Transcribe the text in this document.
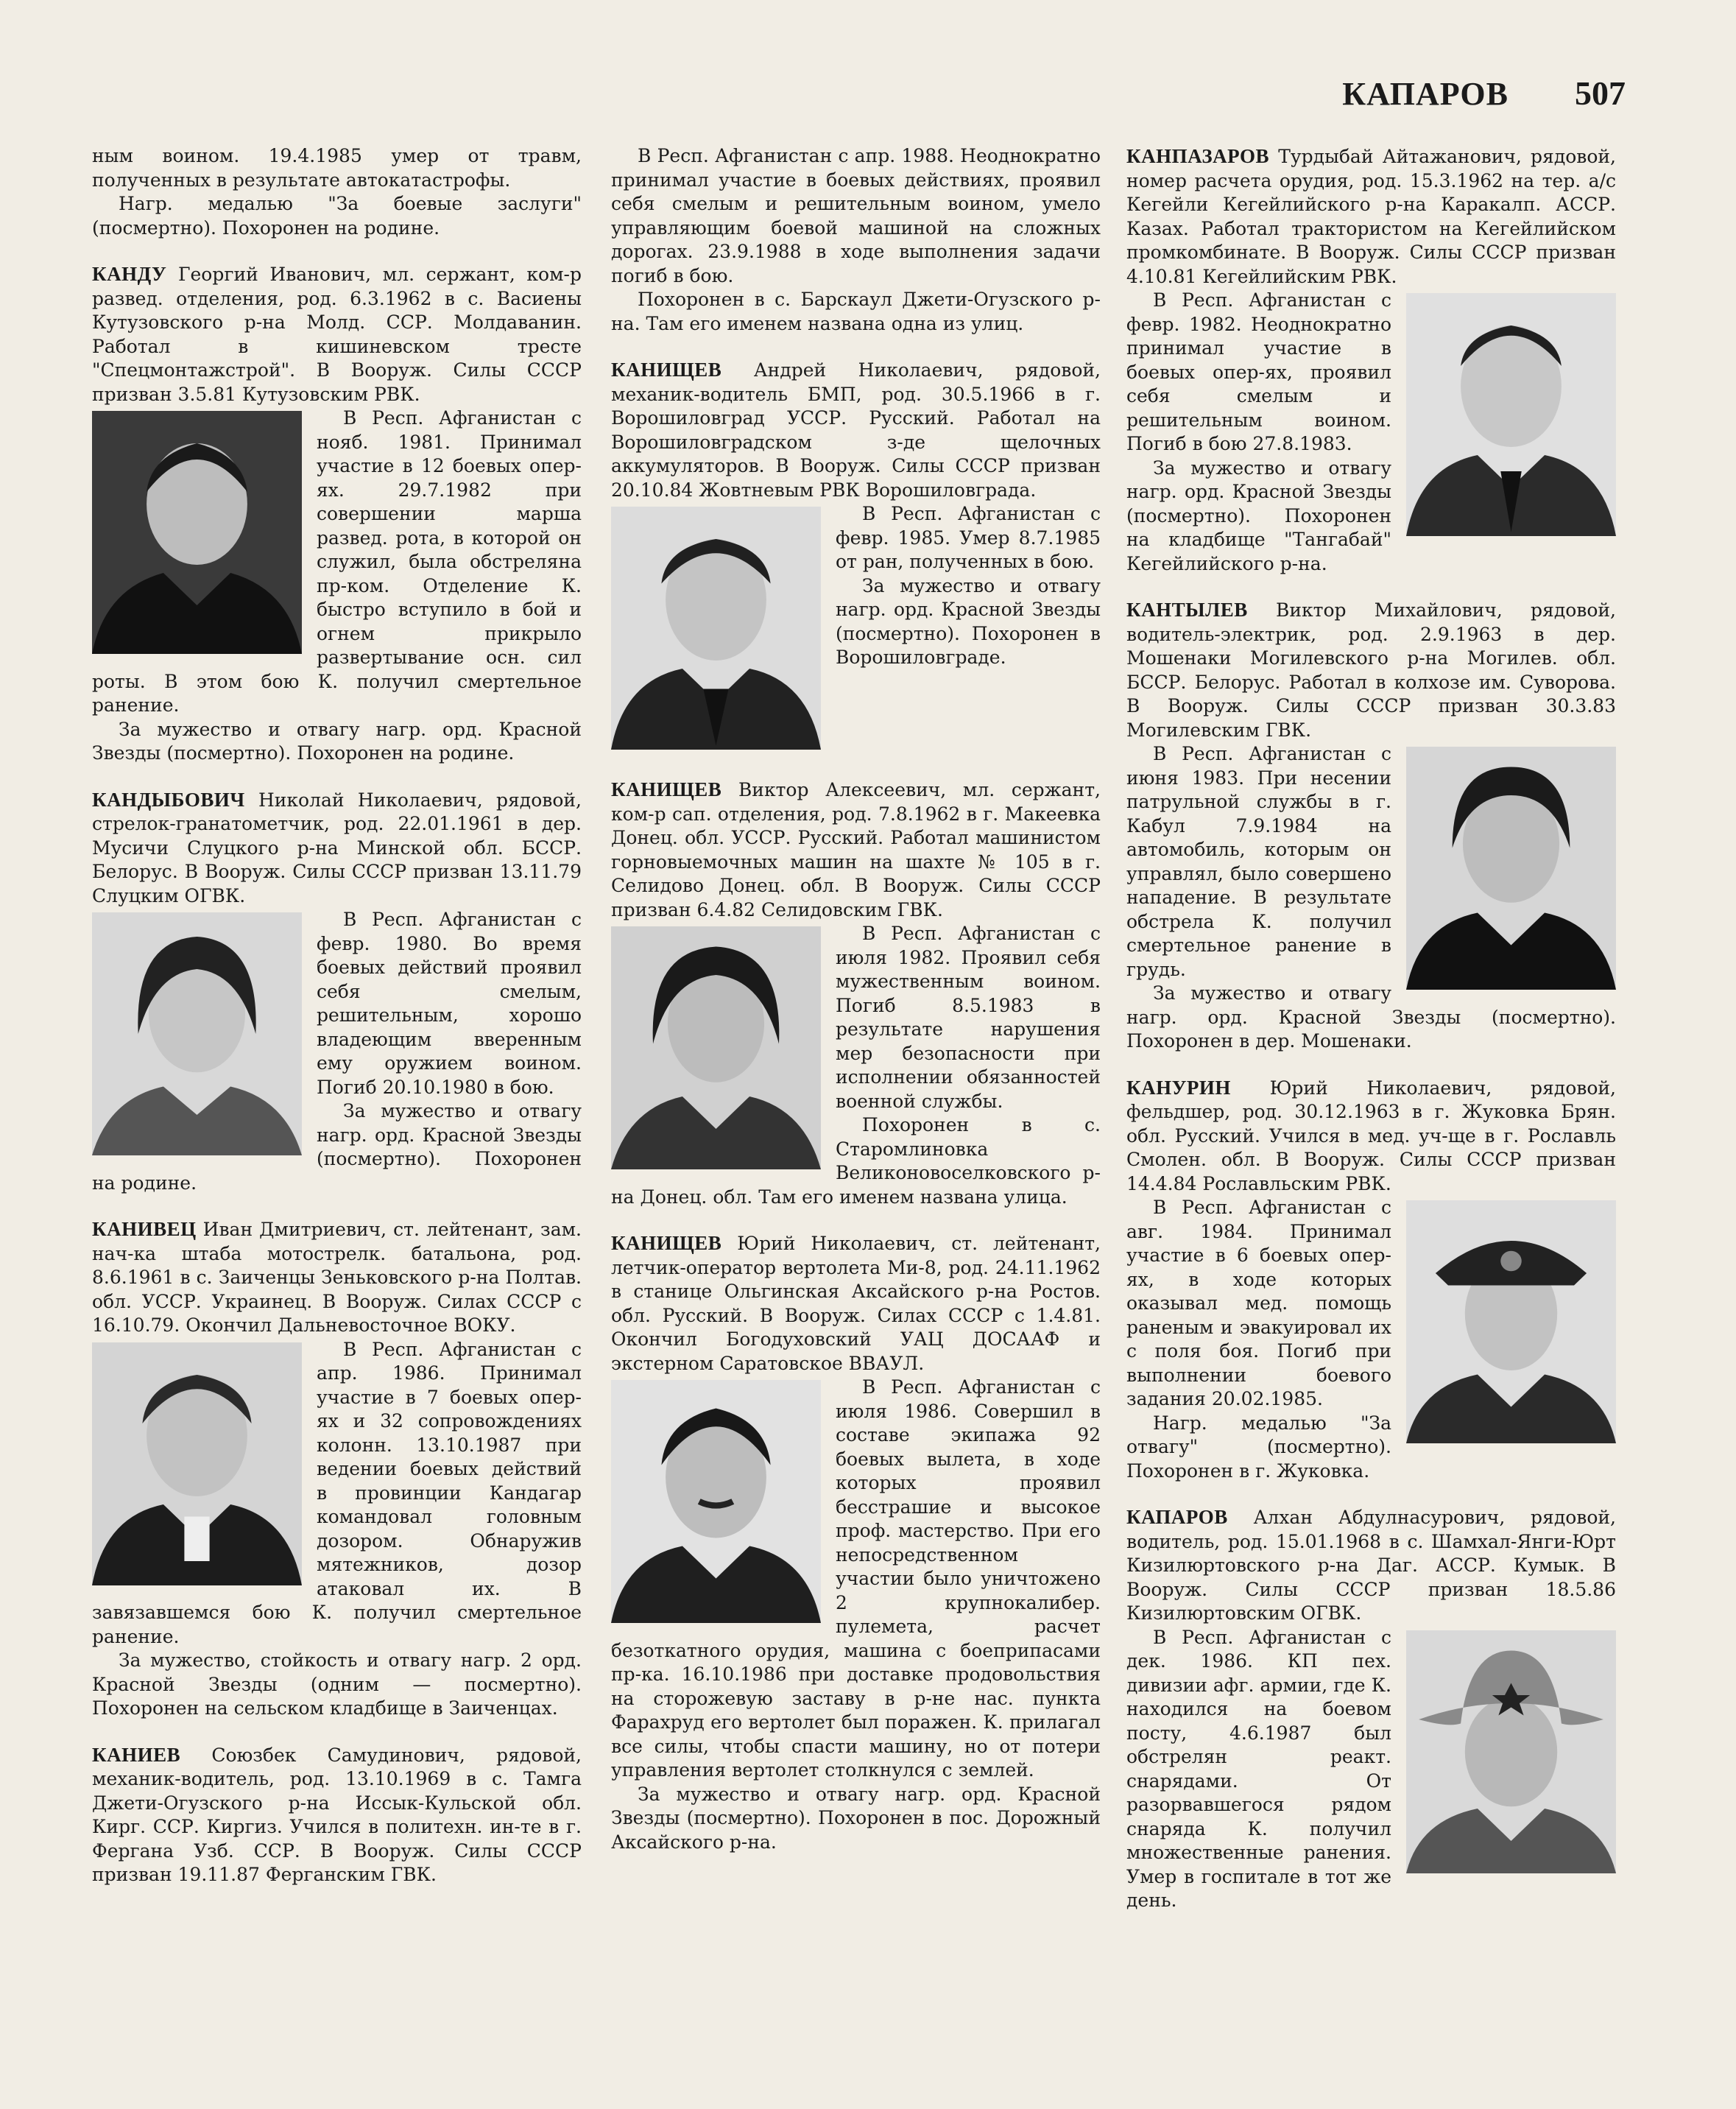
КАПАРОВ 507

ным воином. 19.4.1985 умер от травм, полученных в результате автокатастрофы.

Нагр. медалью "За боевые заслуги" (посмертно). Похоронен на родине.

КАНДУ Георгий Иванович, мл. сержант, ком-р развед. отделения, род. 6.3.1962 в с. Васиены Кутузовского р-на Молд. ССР. Молдаванин. Работал в кишиневском тресте "Спецмонтажстрой". В Вооруж. Силы СССР призван 3.5.81 Кутузовским РВК.

В Респ. Афганистан с нояб. 1981. Принимал участие в 12 боевых опер-ях. 29.7.1982 при совершении марша развед. рота, в которой он служил, была обстреляна пр-ком. Отделение К. быстро вступило в бой и огнем прикрыло развертывание осн. сил роты. В этом бою К. получил смертельное ранение.

За мужество и отвагу нагр. орд. Красной Звезды (посмертно). Похоронен на родине.

КАНДЫБОВИЧ Николай Николаевич, рядовой, стрелок-гранатометчик, род. 22.01.1961 в дер. Мусичи Слуцкого р-на Минской обл. БССР. Белорус. В Вооруж. Силы СССР призван 13.11.79 Слуцким ОГВК.

В Респ. Афганистан с февр. 1980. Во время боевых действий проявил себя смелым, решительным, хорошо владеющим вверенным ему оружием воином. Погиб 20.10.1980 в бою.

За мужество и отвагу нагр. орд. Красной Звезды (посмертно). Похоронен на родине.

КАНИВЕЦ Иван Дмитриевич, ст. лейтенант, зам. нач-ка штаба мотострелк. батальона, род. 8.6.1961 в с. Заиченцы Зеньковского р-на Полтав. обл. УССР. Украинец. В Вооруж. Силах СССР с 16.10.79. Окончил Дальневосточное ВОКУ.

В Респ. Афганистан с апр. 1986. Принимал участие в 7 боевых опер-ях и 32 сопровождениях колонн. 13.10.1987 при ведении боевых действий в провинции Кандагар командовал головным дозором. Обнаружив мятежников, дозор атаковал их. В завязавшемся бою К. получил смертельное ранение.

За мужество, стойкость и отвагу нагр. 2 орд. Красной Звезды (одним — посмертно). Похоронен на сельском кладбище в Заиченцах.

КАНИЕВ Союзбек Самудинович, рядовой, механик-водитель, род. 13.10.1969 в с. Тамга Джети-Огузского р-на Иссык-Кульской обл. Кирг. ССР. Киргиз. Учился в политехн. ин-те в г. Фергана Узб. ССР. В Вооруж. Силы СССР призван 19.11.87 Ферганским ГВК.

В Респ. Афганистан с апр. 1988. Неоднократно принимал участие в боевых действиях, проявил себя смелым и решительным воином, умело управляющим боевой машиной на сложных дорогах. 23.9.1988 в ходе выполнения задачи погиб в бою.

Похоронен в с. Барскаул Джети-Огузского р-на. Там его именем названа одна из улиц.

КАНИЩЕВ Андрей Николаевич, рядовой, механик-водитель БМП, род. 30.5.1966 в г. Ворошиловград УССР. Русский. Работал на Ворошиловградском з-де щелочных аккумуляторов. В Вооруж. Силы СССР призван 20.10.84 Жовтневым РВК Ворошиловграда.

В Респ. Афганистан с февр. 1985. Умер 8.7.1985 от ран, полученных в бою.

За мужество и отвагу нагр. орд. Красной Звезды (посмертно). Похоронен в Ворошиловграде.

КАНИЩЕВ Виктор Алексеевич, мл. сержант, ком-р сап. отделения, род. 7.8.1962 в г. Макеевка Донец. обл. УССР. Русский. Работал машинистом горновыемочных машин на шахте № 105 в г. Селидово Донец. обл. В Вооруж. Силы СССР призван 6.4.82 Селидовским ГВК.

В Респ. Афганистан с июля 1982. Проявил себя мужественным воином. Погиб 8.5.1983 в результате нарушения мер безопасности при исполнении обязанностей военной службы.

Похоронен в с. Старомлиновка Великоновоселковского р-на Донец. обл. Там его именем названа улица.

КАНИЩЕВ Юрий Николаевич, ст. лейтенант, летчик-оператор вертолета Ми-8, род. 24.11.1962 в станице Ольгинская Аксайского р-на Ростов. обл. Русский. В Вооруж. Силах СССР с 1.4.81. Окончил Богодуховский УАЦ ДОСААФ и экстерном Саратовское ВВАУЛ.

В Респ. Афганистан с июля 1986. Совершил в составе экипажа 92 боевых вылета, в ходе которых проявил бесстрашие и высокое проф. мастерство. При его непосредственном участии было уничтожено 2 крупнокалибер. пулемета, расчет безоткатного орудия, машина с боеприпасами пр-ка. 16.10.1986 при доставке продовольствия на сторожевую заставу в р-не нас. пункта Фарахруд его вертолет был поражен. К. прилагал все силы, чтобы спасти машину, но от потери управления вертолет столкнулся с землей.

За мужество и отвагу нагр. орд. Красной Звезды (посмертно). Похоронен в пос. Дорожный Аксайского р-на.

КАНПАЗАРОВ Турдыбай Айтажанович, рядовой, номер расчета орудия, род. 15.3.1962 на тер. а/с Кегейли Кегейлийского р-на Каракалп. АССР. Казах. Работал трактористом на Кегейлийском промкомбинате. В Вооруж. Силы СССР призван 4.10.81 Кегейлийским РВК.

В Респ. Афганистан с февр. 1982. Неоднократно принимал участие в боевых опер-ях, проявил себя смелым и решительным воином. Погиб в бою 27.8.1983.

За мужество и отвагу нагр. орд. Красной Звезды (посмертно). Похоронен на кладбище "Тангабай" Кегейлийского р-на.

КАНТЫЛЕВ Виктор Михайлович, рядовой, водитель-электрик, род. 2.9.1963 в дер. Мошенаки Могилевского р-на Могилев. обл. БССР. Белорус. Работал в колхозе им. Суворова. В Вооруж. Силы СССР призван 30.3.83 Могилевским ГВК.

В Респ. Афганистан с июня 1983. При несении патрульной службы в г. Кабул 7.9.1984 на автомобиль, которым он управлял, было совершено нападение. В результате обстрела К. получил смертельное ранение в грудь.

За мужество и отвагу нагр. орд. Красной Звезды (посмертно). Похоронен в дер. Мошенаки.

КАНУРИН Юрий Николаевич, рядовой, фельдшер, род. 30.12.1963 в г. Жуковка Брян. обл. Русский. Учился в мед. уч-ще в г. Рославль Смолен. обл. В Вооруж. Силы СССР призван 14.4.84 Рославльским РВК.

В Респ. Афганистан с авг. 1984. Принимал участие в 6 боевых опер-ях, в ходе которых оказывал мед. помощь раненым и эвакуировал их с поля боя. Погиб при выполнении боевого задания 20.02.1985.

Нагр. медалью "За отвагу" (посмертно). Похоронен в г. Жуковка.

КАПАРОВ Алхан Абдулнасурович, рядовой, водитель, род. 15.01.1968 в с. Шамхал-Янги-Юрт Кизилюртовского р-на Даг. АССР. Кумык. В Вооруж. Силы СССР призван 18.5.86 Кизилюртовским ОГВК.

В Респ. Афганистан с дек. 1986. КП пех. дивизии афг. армии, где К. находился на боевом посту, 4.6.1987 был обстрелян реакт. снарядами. От разорвавшегося рядом снаряда К. получил множественные ранения. Умер в госпитале в тот же день.
